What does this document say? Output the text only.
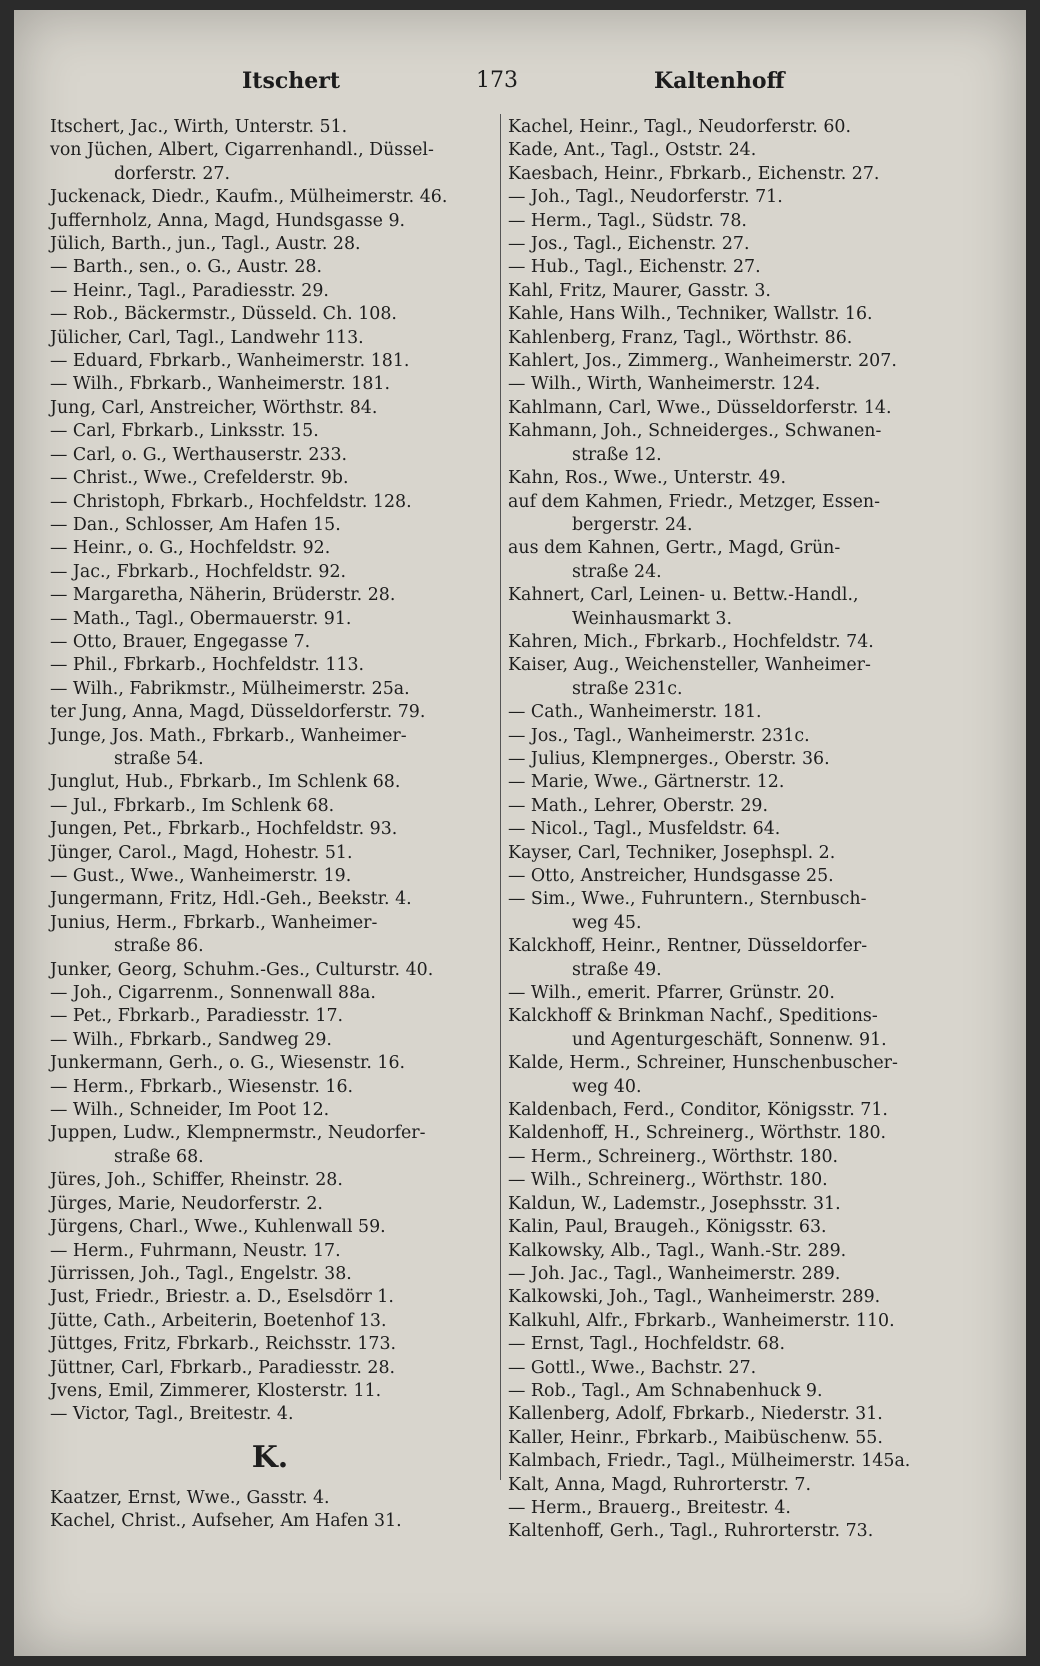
Itschert	173	Kaltenhoff
Itschert, Jac., Wirth, Unterstr. 51.
von Jüchen, Albert, Cigarrenhandl., Düssel-
dorferstr. 27.
Juckenack, Diedr., Kaufm., Mülheimerstr. 46.
Juffernholz, Anna, Magd, Hundsgasse 9.
Jülich, Barth., jun., Tagl., Austr. 28.
— Barth., sen., o. G., Austr. 28.
— Heinr., Tagl., Paradiesstr. 29.
— Rob., Bäckermstr., Düsseld. Ch. 108.
Jülicher, Carl, Tagl., Landwehr 113.
— Eduard, Fbrkarb., Wanheimerstr. 181.
— Wilh., Fbrkarb., Wanheimerstr. 181.
Jung, Carl, Anstreicher, Wörthstr. 84.
— Carl, Fbrkarb., Linksstr. 15.
— Carl, o. G., Werthauserstr. 233.
— Christ., Wwe., Crefelderstr. 9b.
— Christoph, Fbrkarb., Hochfeldstr. 128.
— Dan., Schlosser, Am Hafen 15.
— Heinr., o. G., Hochfeldstr. 92.
— Jac., Fbrkarb., Hochfeldstr. 92.
— Margaretha, Näherin, Brüderstr. 28.
— Math., Tagl., Obermauerstr. 91.
— Otto, Brauer, Engegasse 7.
— Phil., Fbrkarb., Hochfeldstr. 113.
— Wilh., Fabrikmstr., Mülheimerstr. 25a.
ter Jung, Anna, Magd, Düsseldorferstr. 79.
Junge, Jos. Math., Fbrkarb., Wanheimer-
straße 54.
Junglut, Hub., Fbrkarb., Im Schlenk 68.
— Jul., Fbrkarb., Im Schlenk 68.
Jungen, Pet., Fbrkarb., Hochfeldstr. 93.
Jünger, Carol., Magd, Hohestr. 51.
— Gust., Wwe., Wanheimerstr. 19.
Jungermann, Fritz, Hdl.-Geh., Beekstr. 4.
Junius, Herm., Fbrkarb., Wanheimer-
straße 86.
Junker, Georg, Schuhm.-Ges., Culturstr. 40.
— Joh., Cigarrenm., Sonnenwall 88a.
— Pet., Fbrkarb., Paradiesstr. 17.
— Wilh., Fbrkarb., Sandweg 29.
Junkermann, Gerh., o. G., Wiesenstr. 16.
— Herm., Fbrkarb., Wiesenstr. 16.
— Wilh., Schneider, Im Poot 12.
Juppen, Ludw., Klempnermstr., Neudorfer-
straße 68.
Jüres, Joh., Schiffer, Rheinstr. 28.
Jürges, Marie, Neudorferstr. 2.
Jürgens, Charl., Wwe., Kuhlenwall 59.
— Herm., Fuhrmann, Neustr. 17.
Jürrissen, Joh., Tagl., Engelstr. 38.
Just, Friedr., Briestr. a. D., Eselsdörr 1.
Jütte, Cath., Arbeiterin, Boetenhof 13.
Jüttges, Fritz, Fbrkarb., Reichsstr. 173.
Jüttner, Carl, Fbrkarb., Paradiesstr. 28.
Jvens, Emil, Zimmerer, Klosterstr. 11.
— Victor, Tagl., Breitestr. 4.
K.
Kaatzer, Ernst, Wwe., Gasstr. 4.
Kachel, Christ., Aufseher, Am Hafen 31.
Kachel, Heinr., Tagl., Neudorferstr. 60.
Kade, Ant., Tagl., Oststr. 24.
Kaesbach, Heinr., Fbrkarb., Eichenstr. 27.
— Joh., Tagl., Neudorferstr. 71.
— Herm., Tagl., Südstr. 78.
— Jos., Tagl., Eichenstr. 27.
— Hub., Tagl., Eichenstr. 27.
Kahl, Fritz, Maurer, Gasstr. 3.
Kahle, Hans Wilh., Techniker, Wallstr. 16.
Kahlenberg, Franz, Tagl., Wörthstr. 86.
Kahlert, Jos., Zimmerg., Wanheimerstr. 207.
— Wilh., Wirth, Wanheimerstr. 124.
Kahlmann, Carl, Wwe., Düsseldorferstr. 14.
Kahmann, Joh., Schneiderges., Schwanen-
straße 12.
Kahn, Ros., Wwe., Unterstr. 49.
auf dem Kahmen, Friedr., Metzger, Essen-
bergerstr. 24.
aus dem Kahnen, Gertr., Magd, Grün-
straße 24.
Kahnert, Carl, Leinen- u. Bettw.-Handl.,
Weinhausmarkt 3.
Kahren, Mich., Fbrkarb., Hochfeldstr. 74.
Kaiser, Aug., Weichensteller, Wanheimer-
straße 231c.
— Cath., Wanheimerstr. 181.
— Jos., Tagl., Wanheimerstr. 231c.
— Julius, Klempnerges., Oberstr. 36.
— Marie, Wwe., Gärtnerstr. 12.
— Math., Lehrer, Oberstr. 29.
— Nicol., Tagl., Musfeldstr. 64.
Kayser, Carl, Techniker, Josephspl. 2.
— Otto, Anstreicher, Hundsgasse 25.
— Sim., Wwe., Fuhruntern., Sternbusch-
weg 45.
Kalckhoff, Heinr., Rentner, Düsseldorfer-
straße 49.
— Wilh., emerit. Pfarrer, Grünstr. 20.
Kalckhoff & Brinkman Nachf., Speditions-
und Agenturgeschäft, Sonnenw. 91.
Kalde, Herm., Schreiner, Hunschenbuscher-
weg 40.
Kaldenbach, Ferd., Conditor, Königsstr. 71.
Kaldenhoff, H., Schreinerg., Wörthstr. 180.
— Herm., Schreinerg., Wörthstr. 180.
— Wilh., Schreinerg., Wörthstr. 180.
Kaldun, W., Lademstr., Josephsstr. 31.
Kalin, Paul, Braugeh., Königsstr. 63.
Kalkowsky, Alb., Tagl., Wanh.-Str. 289.
— Joh. Jac., Tagl., Wanheimerstr. 289.
Kalkowski, Joh., Tagl., Wanheimerstr. 289.
Kalkuhl, Alfr., Fbrkarb., Wanheimerstr. 110.
— Ernst, Tagl., Hochfeldstr. 68.
— Gottl., Wwe., Bachstr. 27.
— Rob., Tagl., Am Schnabenhuck 9.
Kallenberg, Adolf, Fbrkarb., Niederstr. 31.
Kaller, Heinr., Fbrkarb., Maibüschenw. 55.
Kalmbach, Friedr., Tagl., Mülheimerstr. 145a.
Kalt, Anna, Magd, Ruhrorterstr. 7.
— Herm., Brauerg., Breitestr. 4.
Kaltenhoff, Gerh., Tagl., Ruhrorterstr. 73.
